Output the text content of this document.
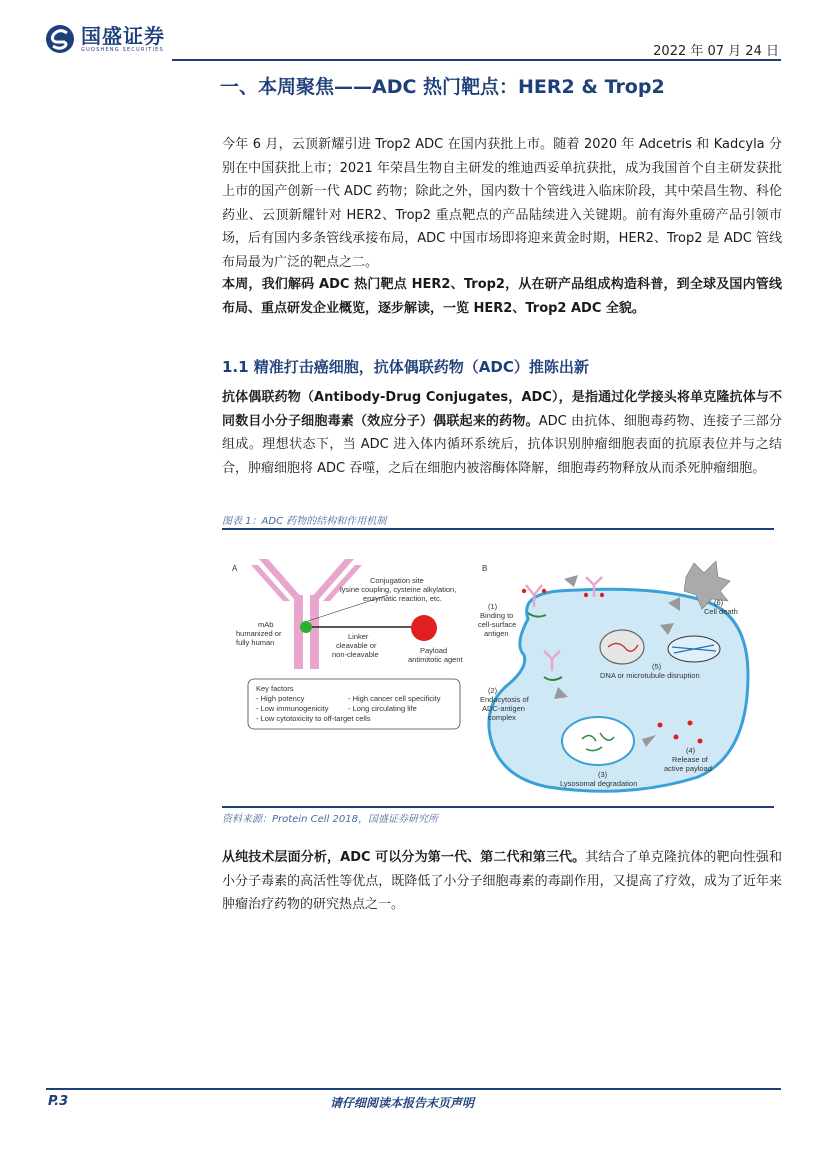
国盛证券
GUOSHENG SECURITIES	2022 年 07 月 24 日
一、本周聚焦——ADC 热门靶点：HER2 & Trop2
今年 6 月，云顶新耀引进 Trop2 ADC 在国内获批上市。随着 2020 年 Adcetris 和 Kadcyla 分别在中国获批上市；2021 年荣昌生物自主研发的维迪西妥单抗获批，成为我国首个自主研发获批上市的国产创新一代 ADC 药物；除此之外，国内数十个管线进入临床阶段，其中荣昌生物、科伦药业、云顶新耀针对 HER2、Trop2 重点靶点的产品陆续进入关键期。前有海外重磅产品引领市场，后有国内多条管线承接布局，ADC 中国市场即将迎来黄金时期，HER2、Trop2 是 ADC 管线布局最为广泛的靶点之二。
本周，我们解码 ADC 热门靶点 HER2、Trop2，从在研产品组成构造科普，到全球及国内管线布局、重点研发企业概览，逐步解读，一览 HER2、Trop2 ADC 全貌。
1.1 精准打击癌细胞，抗体偶联药物（ADC）推陈出新
抗体偶联药物（Antibody-Drug Conjugates，ADC），是指通过化学接头将单克隆抗体与不同数目小分子细胞毒素（效应分子）偶联起来的药物。ADC 由抗体、细胞毒药物、连接子三部分组成。理想状态下，当 ADC 进入体内循环系统后，抗体识别肿瘤细胞表面的抗原表位并与之结合，肿瘤细胞将 ADC 吞噬，之后在细胞内被溶酶体降解，细胞毒药物释放从而杀死肿瘤细胞。
图表 1：ADC 药物的结构和作用机制
A
Conjugation site
lysine coupling, cysteine alkylation,
enzymatic reaction, etc.
mAb
humanized or
fully human
Linker
cleavable or
non-cleavable	Payload
antimitotic agent
Key factors
- High potency	- High cancer cell specificity
- Low immunogenicity	- Long circulating life
- Low cytotoxicity to off-target cells
B
(6)
Cell death
(1)
Binding to
cell-surface
antigen
(2)
Endocytosis of
ADC-antigen
complex
(3)
Lysosomal degradation
(4)
Release of
active payload
(5)
DNA or microtubule disruption
资料来源：Protein Cell 2018，国盛证券研究所
从纯技术层面分析，ADC 可以分为第一代、第二代和第三代。其结合了单克隆抗体的靶向性强和小分子毒素的高活性等优点，既降低了小分子细胞毒素的毒副作用，又提高了疗效，成为了近年来肿瘤治疗药物的研究热点之一。
P.3	请仔细阅读本报告末页声明
